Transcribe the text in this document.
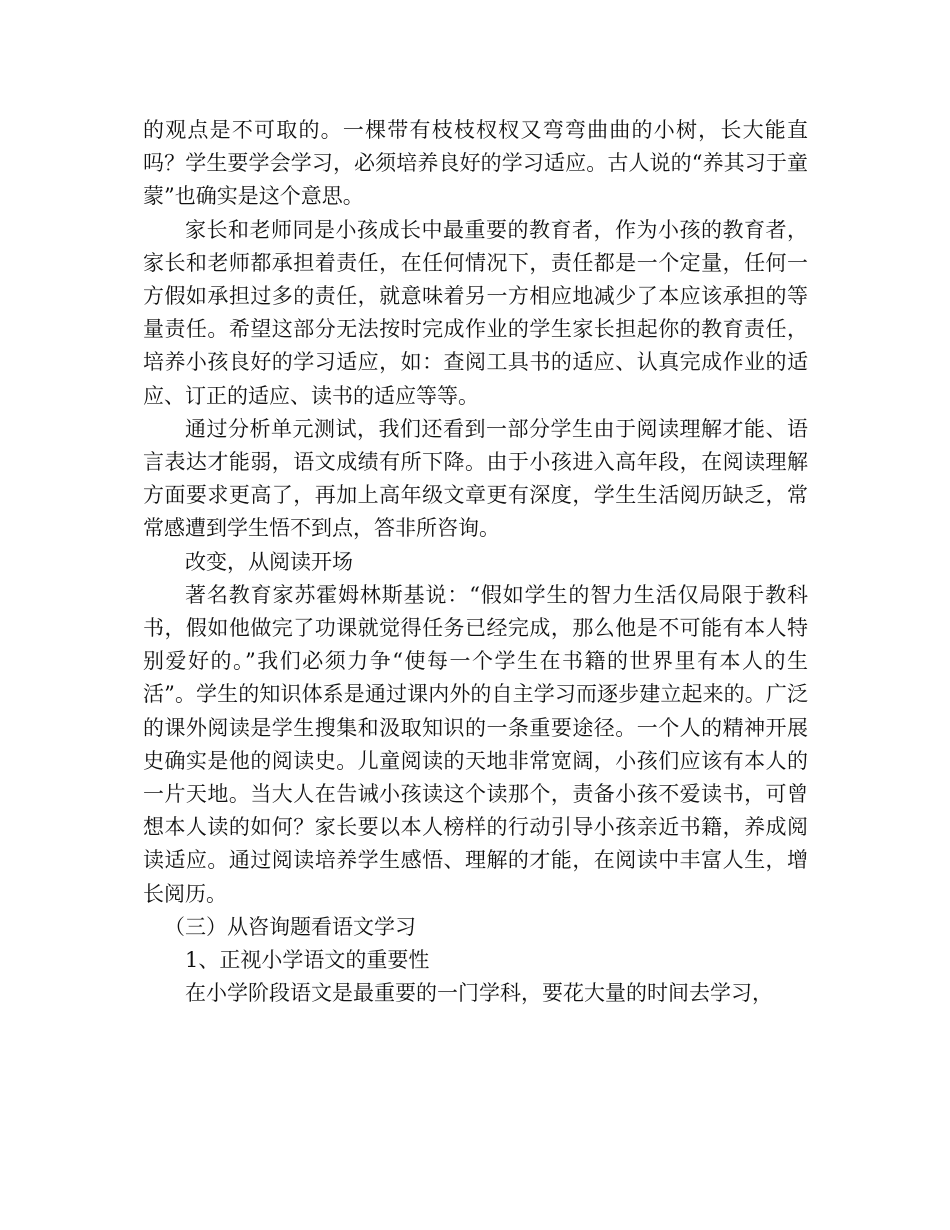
的观点是不可取的。一棵带有枝枝杈杈又弯弯曲曲的小树，长大能直吗？学生要学会学习，必须培养良好的学习适应。古人说的“养其习于童蒙”也确实是这个意思。

家长和老师同是小孩成长中最重要的教育者，作为小孩的教育者，家长和老师都承担着责任，在任何情况下，责任都是一个定量，任何一方假如承担过多的责任，就意味着另一方相应地减少了本应该承担的等量责任。希望这部分无法按时完成作业的学生家长担起你的教育责任，培养小孩良好的学习适应，如：查阅工具书的适应、认真完成作业的适应、订正的适应、读书的适应等等。

通过分析单元测试，我们还看到一部分学生由于阅读理解才能、语言表达才能弱，语文成绩有所下降。由于小孩进入高年段，在阅读理解方面要求更高了，再加上高年级文章更有深度，学生生活阅历缺乏，常常感遭到学生悟不到点，答非所咨询。

改变，从阅读开场

著名教育家苏霍姆林斯基说：“假如学生的智力生活仅局限于教科书，假如他做完了功课就觉得任务已经完成，那么他是不可能有本人特别爱好的。”我们必须力争“使每一个学生在书籍的世界里有本人的生活”。学生的知识体系是通过课内外的自主学习而逐步建立起来的。广泛的课外阅读是学生搜集和汲取知识的一条重要途径。一个人的精神开展史确实是他的阅读史。儿童阅读的天地非常宽阔，小孩们应该有本人的一片天地。当大人在告诫小孩读这个读那个，责备小孩不爱读书，可曾想本人读的如何？家长要以本人榜样的行动引导小孩亲近书籍，养成阅读适应。通过阅读培养学生感悟、理解的才能，在阅读中丰富人生，增长阅历。

（三）从咨询题看语文学习

1、正视小学语文的重要性

在小学阶段语文是最重要的一门学科，要花大量的时间去学习，
